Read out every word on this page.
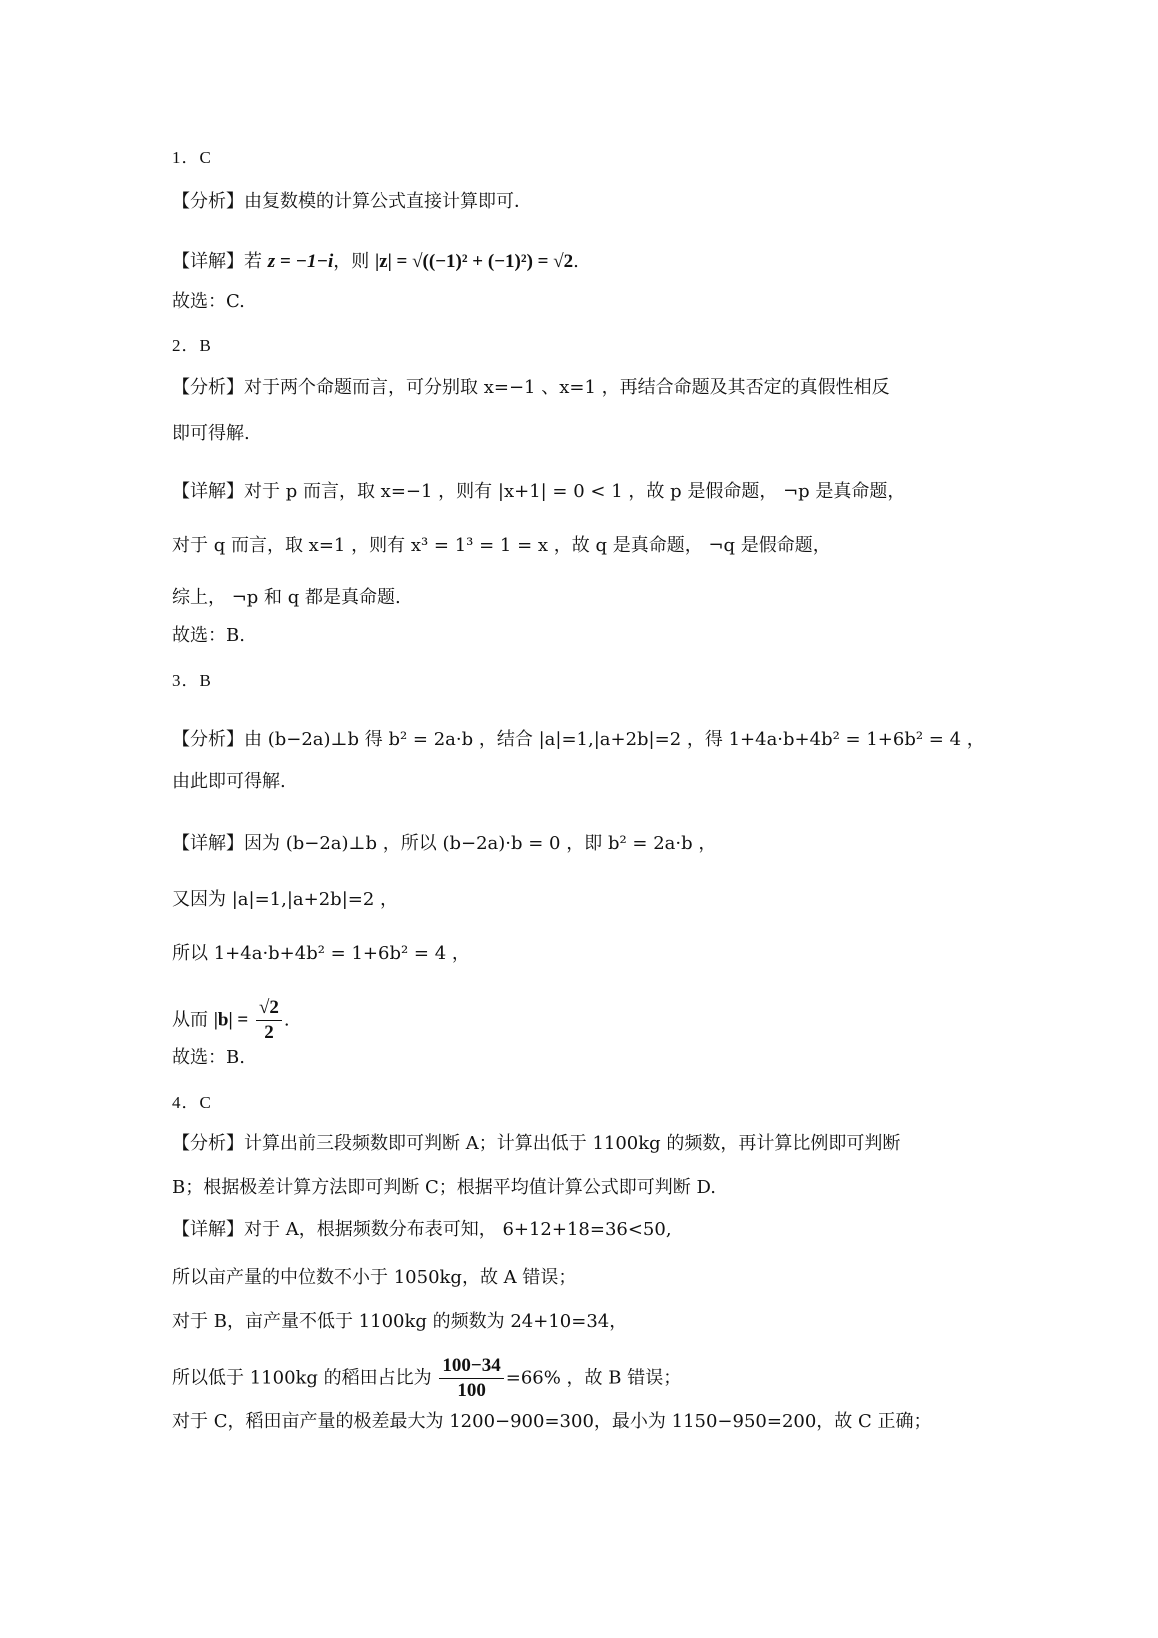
1．C
【分析】由复数模的计算公式直接计算即可．
【详解】若 z = −1−i，则 |z| = √((−1)² + (−1)²) = √2.
故选：C.
2．B
【分析】对于两个命题而言，可分别取 x=−1 、x=1 ，再结合命题及其否定的真假性相反
即可得解.
【详解】对于 p 而言，取 x=−1 ，则有 |x+1| = 0 < 1 ，故 p 是假命题， ¬p 是真命题，
对于 q 而言，取 x=1 ，则有 x³ = 1³ = 1 = x ，故 q 是真命题， ¬q 是假命题，
综上， ¬p 和 q 都是真命题.
故选：B.
3．B
【分析】由 (b−2a)⊥b 得 b² = 2a·b ，结合 |a|=1,|a+2b|=2 ，得 1+4a·b+4b² = 1+6b² = 4 ，
由此即可得解.
【详解】因为 (b−2a)⊥b ，所以 (b−2a)·b = 0 ，即 b² = 2a·b ，
又因为 |a|=1,|a+2b|=2 ，
所以 1+4a·b+4b² = 1+6b² = 4 ，
从而 $|b| = \frac{√2}{2}$ .
故选：B.
4．C
【分析】计算出前三段频数即可判断 A；计算出低于 1100kg 的频数，再计算比例即可判断
B；根据极差计算方法即可判断 C；根据平均值计算公式即可判断 D.
【详解】对于 A，根据频数分布表可知， 6+12+18=36<50,
所以亩产量的中位数不小于 1050kg，故 A 错误；
对于 B，亩产量不低于 1100kg 的频数为 24+10=34，
所以低于 1100kg 的稻田占比为 $\frac{100-34}{100} =66\%$ ，故 B 错误；
对于 C，稻田亩产量的极差最大为 1200−900=300，最小为 1150−950=200，故 C 正确；
